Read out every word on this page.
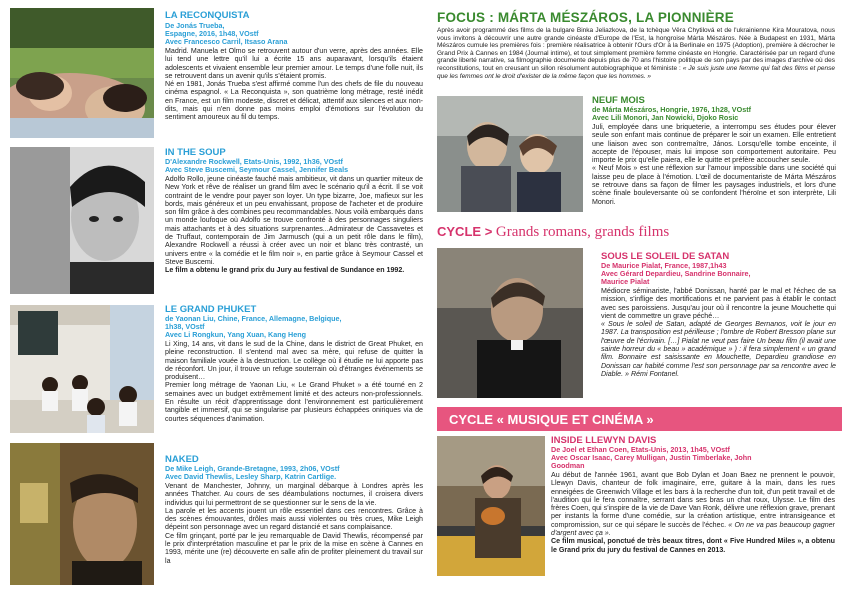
LA RECONQUISTA
De Jonás Trueba,
Espagne, 2016, 1h48, VOstf
Avec Francesco Carril, Itsaso Arana
Madrid. Manuela et Olmo se retrouvent autour d'un verre, après des années. Elle lui tend une lettre qu'il lui a écrite 15 ans auparavant, lorsqu'ils étaient adolescents et vivaient ensemble leur premier amour. Le temps d'une folle nuit, ils se retrouvent dans un avenir qu'ils s'étaient promis.
Né en 1981, Jonás Trueba s'est affirmé comme l'un des chefs de file du nouveau cinéma espagnol. « La Reconquista », son quatrième long métrage, resté inédit en France, est un film modeste, discret et délicat, attentif aux silences et aux non-dits, mais qui n'en donne pas moins emploi d'émotions sur l'évolution du sentiment amoureux au fil du temps.
IN THE SOUP
D'Alexandre Rockwell, Etats-Unis, 1992, 1h36, VOstf
Avec Steve Buscemi, Seymour Cassel, Jennifer Beals
Adolfo Rollo, jeune cinéaste fauché mais ambitieux, vit dans un quartier miteux de New York et rêve de réaliser un grand film avec le scénario qu'il a écrit. Il se voit contraint de le vendre pour payer son loyer. Un type bizarre, Joe, mafieux sur les bords, mais généreux et un peu envahissant, propose de l'acheter et de produire son film grâce à des combines peu recommandables. Nous voilà embarqués dans un monde loufoque où Adolfo se trouve confronté à des personnages singuliers mais attachants et à des situations surprenantes...Admirateur de Cassavetes et de Truffaut, contemporain de Jim Jarmusch (qui a un petit rôle dans le film), Alexandre Rockwell a réussi à créer avec un noir et blanc très contrasté, un univers entre « la comédie et le film noir », en partie grâce à Seymour Cassel et Steve Buscemi.
Le film a obtenu le grand prix du Jury au festival de Sundance en 1992.
LE GRAND PHUKET
de Yaonan Liu, Chine, France, Allemagne, Belgique,
1h38, VOstf
Avec Li Rongkun, Yang Xuan, Kang Heng
Li Xing, 14 ans, vit dans le sud de la Chine, dans le district de Great Phuket, en pleine reconstruction. Il s'entend mal avec sa mère, qui refuse de quitter la maison familiale vouée à la destruction. Le collège où il étudie ne lui apporte pas de réconfort. Un jour, il trouve un refuge souterrain où d'étranges événements se produisent…
Premier long métrage de Yaonan Liu, « Le Grand Phuket » a été tourné en 2 semaines avec un budget extrêmement limité et des acteurs non-professionnels. En résulte un récit d'apprentissage dont l'environnement est particulièrement tangible et immersif, qui se singularise par plusieurs échappées oniriques via de courtes séquences d'animation.
NAKED
De Mike Leigh, Grande-Bretagne, 1993, 2h06, VOstf
Avec David Thewlis, Lesley Sharp, Katrin Cartlige.
Venant de Manchester, Johnny, un marginal débarque à Londres après les années Thatcher. Au cours de ses déambulations nocturnes, il croisera divers individus qui lui permettront de se questionner sur le sens de la vie.
La parole et les accents jouent un rôle essentiel dans ces rencontres. Grâce à des scènes émouvantes, drôles mais aussi violentes ou très crues, Mike Leigh dépeint son personnage avec un regard distancié et sans complaisance.
Ce film grinçant, porté par le jeu remarquable de David Thewlis, récompensé par le prix d'interprétation masculine et par le prix de la mise en scène à Cannes en 1993, mérite une (re) découverte en salle afin de profiter pleinement du travail sur la
FOCUS : MÁRTA MÉSZÁROS, LA PIONNIÈRE
Après avoir programmé des films de la bulgare Binka Jeliazkova, de la tchèque Věra Chytilová et de l'ukrainienne Kira Mouratova, nous vous invitons à découvrir une autre grande cinéaste d'Europe de l'Est, la hongroise Márta Mészáros. Née à Budapest en 1931, Márta Mészáros cumule les premières fois : première réalisatrice à obtenir l'Ours d'Or à la Berlinale en 1975 (Adoption), première à décrocher le Grand Prix à Cannes en 1984 (Journal intime), et tout simplement première femme cinéaste en Hongrie. Caractérisée par un regard d'une grande liberté narrative, sa filmographie documente depuis plus de 70 ans l'histoire politique de son pays par des images d'archive où des reconstitutions, tout en creusant un sillon résolument autobiographique et féministe : « Je suis juste une femme qui fait des films et pense que les femmes ont le droit d'exister de la même façon que les hommes. »
NEUF MOIS
de Márta Mészáros, Hongrie, 1976, 1h28, VOstf
Avec Lili Monori, Jan Nowicki, Djoko Rosic
Juli, employée dans une briqueterie, a interrompu ses études pour élever seule son enfant mais continue de préparer le soir un examen. Elle entretient une liaison avec son contremaître, János. Lorsqu'elle tombe enceinte, il accepte de l'épouser, mais lui impose son comportement autoritaire. Peu importe le prix qu'elle paiera, elle le quitte et préfère accoucher seule.
« Neuf Mois » est une réflexion sur l'amour impossible dans une société qui laisse peu de place à l'émotion. L'œil de documentariste de Márta Mészáros se retrouve dans sa façon de filmer les paysages industriels, et lors d'une scène finale bouleversante où se confondent l'héroïne et son interprète, Lili Monori.
CYCLE > Grands romans, grands films
SOUS LE SOLEIL DE SATAN
De Maurice Pialat, France, 1987,1h43
Avec Gérard Depardieu, Sandrine Bonnaire,
Maurice Pialat
Médiocre séminariste, l'abbé Donissan, hanté par le mal et l'échec de sa mission, s'inflige des mortifications et ne parvient pas à établir le contact avec ses paroissiens. Jusqu'au jour où il rencontre la jeune Mouchette qui vient de commettre un grave péché…
« Sous le soleil de Satan, adapté de Georges Bernanos, voit le jour en 1987. La transposition est périlleuse ; l'ombre de Robert Bresson plane sur l'œuvre de l'écrivain. […] Pialat ne veut pas faire Un beau film (il avait une sainte horreur du « beau » académique » ) : il fera simplement « un grand film. Bonnaire est saisissante en Mouchette, Depardieu grandiose en Donissan car habité comme l'est son personnage par sa rencontre avec le Diable. » Rémi Fontanel.
CYCLE « MUSIQUE ET CINÉMA »
INSIDE LLEWYN DAVIS
De Joel et Ethan Coen, Etats-Unis, 2013, 1h45, VOstf
Avec Oscar Isaac, Carey Mulligan, Justin Timberlake, John
Goodman
Au début de l'année 1961, avant que Bob Dylan et Joan Baez ne prennent le pouvoir, Llewyn Davis, chanteur de folk imaginaire, erre, guitare à la main, dans les rues enneigées de Greenwich Village et les bars à la recherche d'un toit, d'un petit travail et de l'audition qui le fera connaître, serrant dans ses bras un chat roux, Ulysse. Le film des frères Coen, qui s'inspire de la vie de Dave Van Ronk, délivre une réflexion grave, prenant per instants la forme d'une comédie, sur la création artistique, entre intransigeance et compromission, sur ce qui sépare le succès de l'échec. « On ne va pas beaucoup gagner d'argent avec ça ».
Ce film musical, ponctué de très beaux titres, dont « Five Hundred Miles », a obtenu le Grand prix du jury du festival de Cannes en 2013.
